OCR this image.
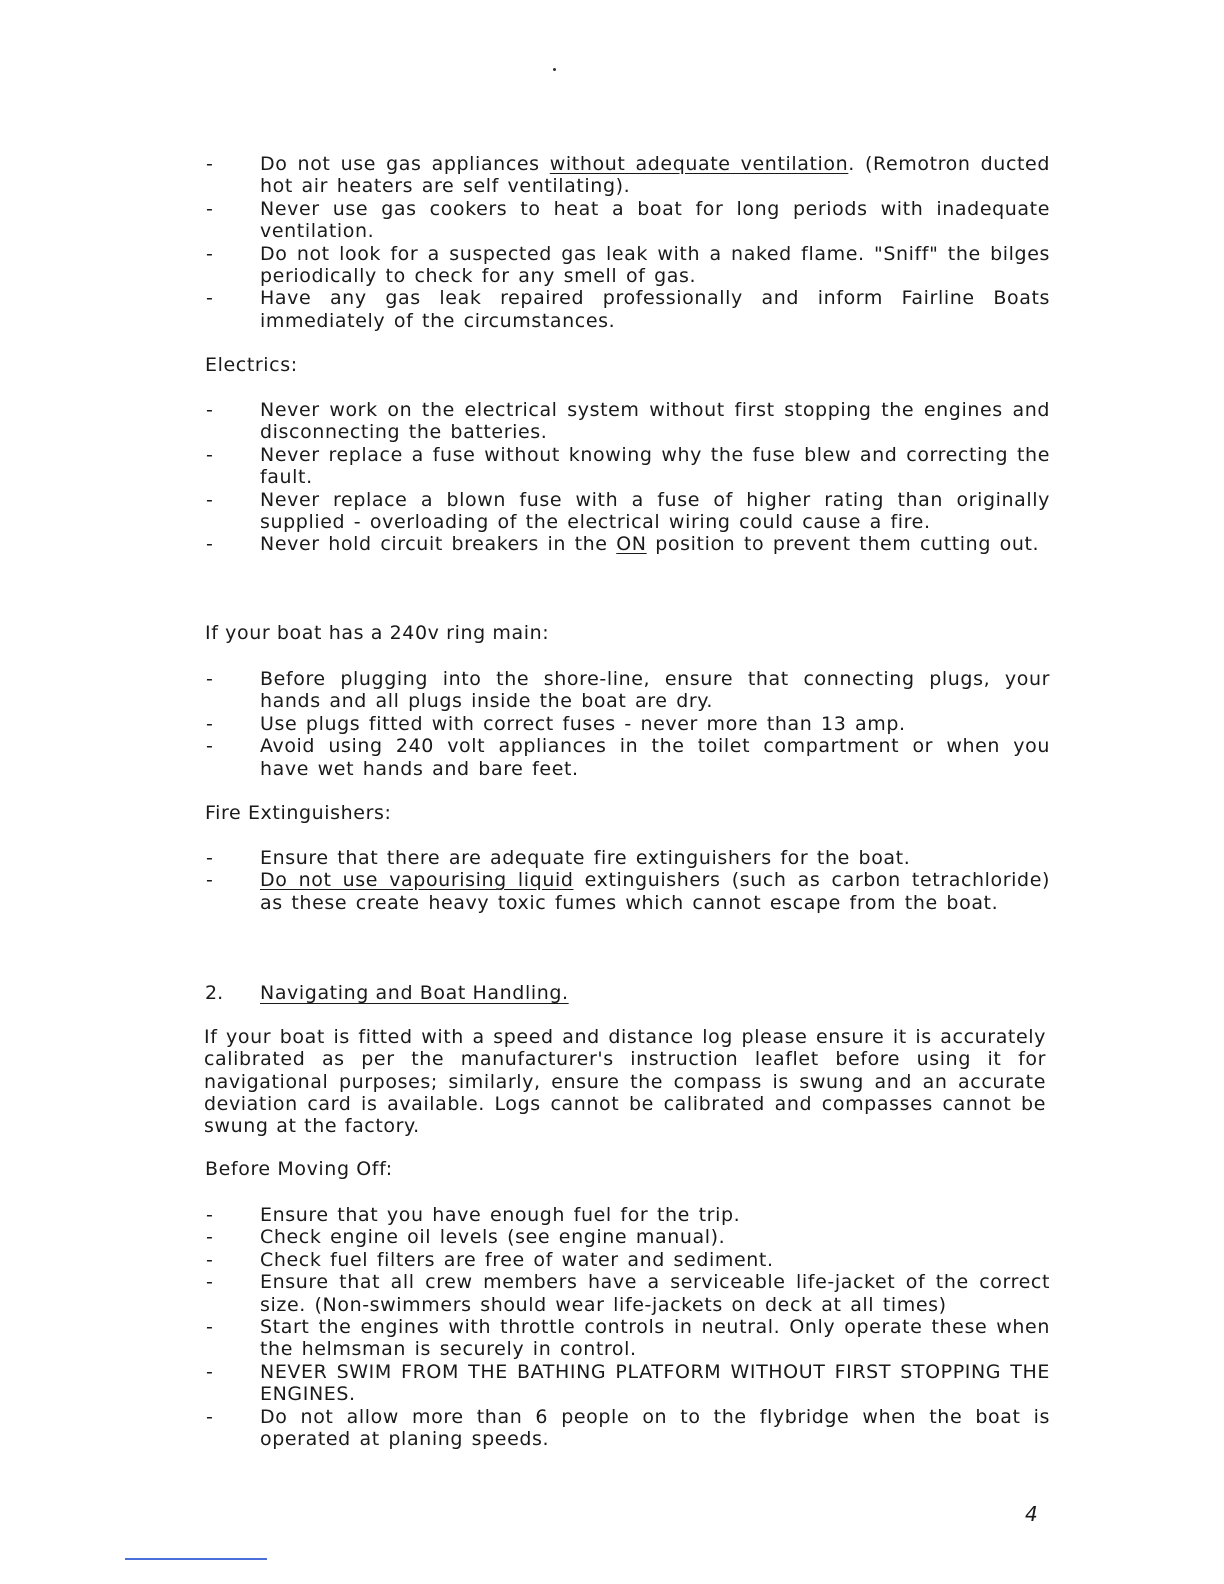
- Do not use gas appliances without adequate ventilation. (Remotron ducted hot air heaters are self ventilating).
- Never use gas cookers to heat a boat for long periods with inadequate ventilation.
- Do not look for a suspected gas leak with a naked flame. "Sniff" the bilges periodically to check for any smell of gas.
- Have any gas leak repaired professionally and inform Fairline Boats immediately of the circumstances.
Electrics:
- Never work on the electrical system without first stopping the engines and disconnecting the batteries.
- Never replace a fuse without knowing why the fuse blew and correcting the fault.
- Never replace a blown fuse with a fuse of higher rating than originally supplied - overloading of the electrical wiring could cause a fire.
- Never hold circuit breakers in the ON position to prevent them cutting out.
If your boat has a 240v ring main:
- Before plugging into the shore-line, ensure that connecting plugs, your hands and all plugs inside the boat are dry.
- Use plugs fitted with correct fuses - never more than 13 amp.
- Avoid using 240 volt appliances in the toilet compartment or when you have wet hands and bare feet.
Fire Extinguishers:
- Ensure that there are adequate fire extinguishers for the boat.
- Do not use vapourising liquid extinguishers (such as carbon tetrachloride) as these create heavy toxic fumes which cannot escape from the boat.
2. Navigating and Boat Handling.
If your boat is fitted with a speed and distance log please ensure it is accurately calibrated as per the manufacturer's instruction leaflet before using it for navigational purposes; similarly, ensure the compass is swung and an accurate deviation card is available. Logs cannot be calibrated and compasses cannot be swung at the factory.
Before Moving Off:
- Ensure that you have enough fuel for the trip.
- Check engine oil levels (see engine manual).
- Check fuel filters are free of water and sediment.
- Ensure that all crew members have a serviceable life-jacket of the correct size. (Non-swimmers should wear life-jackets on deck at all times)
- Start the engines with throttle controls in neutral. Only operate these when the helmsman is securely in control.
- NEVER SWIM FROM THE BATHING PLATFORM WITHOUT FIRST STOPPING THE ENGINES.
- Do not allow more than 6 people on to the flybridge when the boat is operated at planing speeds.
4
